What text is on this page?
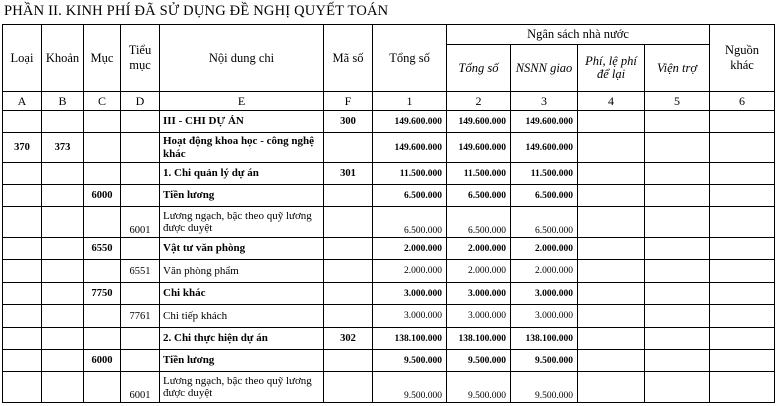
PHẦN II. KINH PHÍ ĐÃ SỬ DỤNG ĐỀ NGHỊ QUYẾT TOÁN
Loại	Khoản	Mục	Tiểu mục	Nội dung chi	Mã số	Tổng số	Ngân sách nhà nước				Nguồn khác
							Tổng số	NSNN giao	Phí, lệ phí để lại	Viện trợ	
A	B	C	D	E	F	1	2	3	4	5	6
				III - CHI DỰ ÁN	300	149.600.000	149.600.000	149.600.000			
370	373			Hoạt động khoa học - công nghệ khác		149.600.000	149.600.000	149.600.000			
				1. Chi quản lý dự án	301	11.500.000	11.500.000	11.500.000			
		6000		Tiền lương		6.500.000	6.500.000	6.500.000			
			6001	Lương ngạch, bậc theo quỹ lương được duyệt		6.500.000	6.500.000	6.500.000			
		6550		Vật tư văn phòng		2.000.000	2.000.000	2.000.000			
			6551	Văn phòng phẩm		2.000.000	2.000.000	2.000.000			
		7750		Chi khác		3.000.000	3.000.000	3.000.000			
			7761	Chi tiếp khách		3.000.000	3.000.000	3.000.000			
				2. Chi thực hiện dự án	302	138.100.000	138.100.000	138.100.000			
		6000		Tiền lương		9.500.000	9.500.000	9.500.000			
			6001	Lương ngạch, bậc theo quỹ lương được duyệt		9.500.000	9.500.000	9.500.000			
